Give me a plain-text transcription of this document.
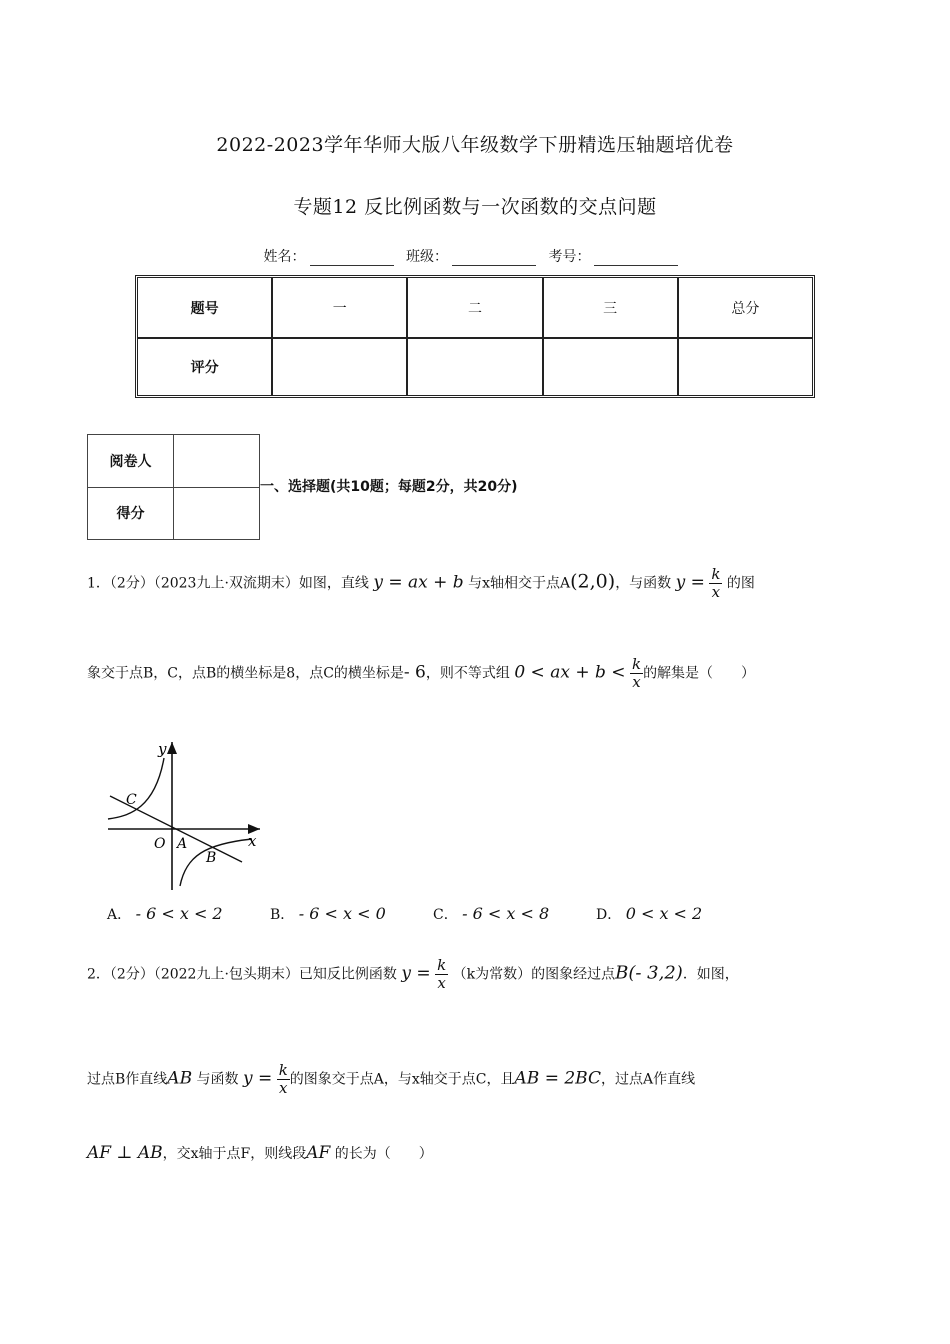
2022-2023学年华师大版八年级数学下册精选压轴题培优卷
专题12 反比例函数与一次函数的交点问题
姓名：	班级：	考号：
题号	一	二	三	总分
评分				
阅卷人	
得分	
一、选择题(共10题；每题2分，共20分)
1．（2分）（2023九上·双流期末）如图，直线 y = ax + b 与x轴相交于点A(2,0)，与函数 $y = \frac{k}{x}$ 的图
象交于点B，C，点B的横坐标是8，点C的横坐标是- 6，则不等式组 0 < ax + $b < \frac{k}{x}$ 的解集是（　　）
y
x
O A
B
C
A． - 6 < x < 2	B． - 6 < x < 0	C． - 6 < x < 8	D． 0 < x < 2
2．（2分）（2022九上·包头期末）已知反比例函数 $y = \frac{k}{x} (k$为常数）的图象经过点B(- 3,2)．如图，
过点B作直线AB 与函数 $y = \frac{k}{x}$ 的图象交于点A，与x轴交于点C，且AB = 2BC，过点A作直线
AF ⊥ AB，交x轴于点F，则线段AF 的长为（　　）
